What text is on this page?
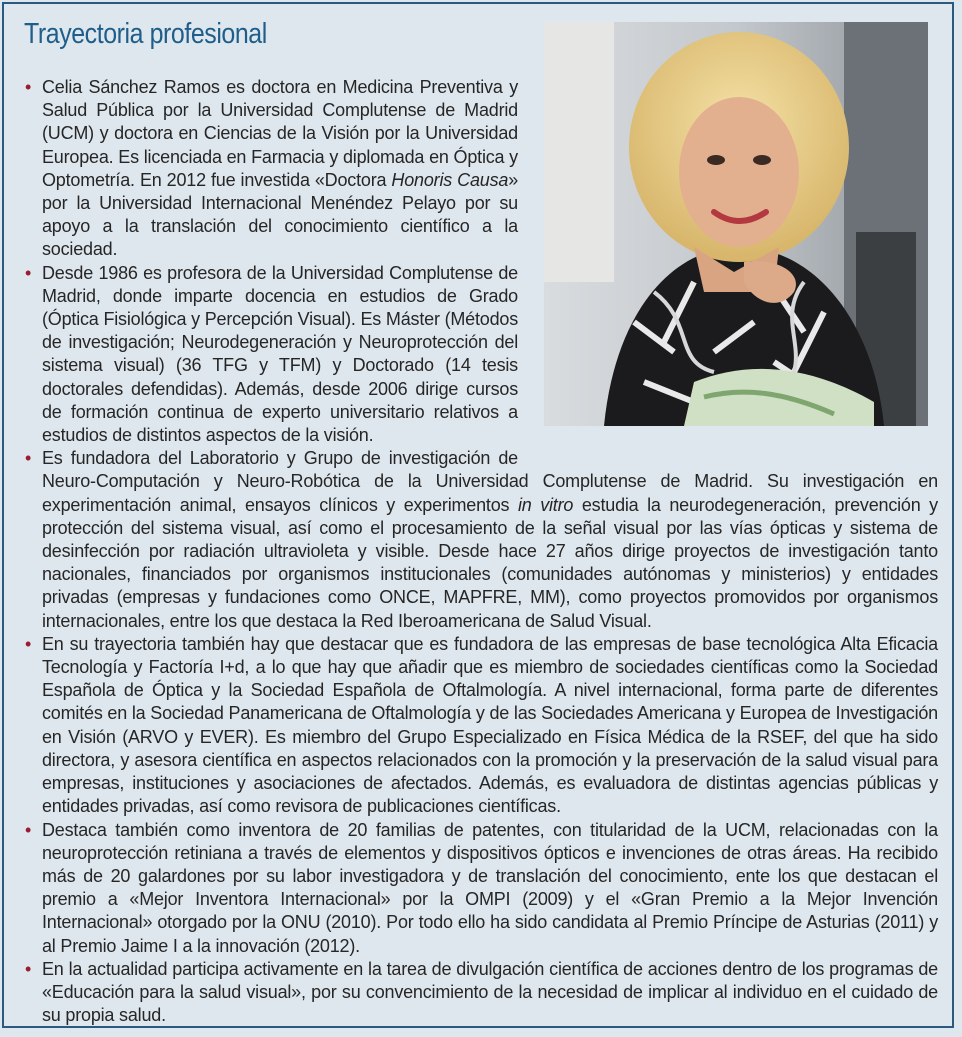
Trayectoria profesional
• Celia Sánchez Ramos es doctora en Medicina Preventiva y Salud Pública por la Universidad Complutense de Madrid (UCM) y doctora en Ciencias de la Visión por la Universidad Europea. Es licenciada en Farmacia y diplomada en Óptica y Optometría. En 2012 fue investida «Doctora Honoris Causa» por la Universidad Internacional Menéndez Pelayo por su apoyo a la translación del conocimiento científico a la sociedad.

• Desde 1986 es profesora de la Universidad Complutense de Madrid, donde imparte docencia en estudios de Grado (Óptica Fisiológica y Percepción Visual). Es Máster (Métodos de investigación; Neurodegeneración y Neuroprotección del sistema visual) (36 TFG y TFM) y Doctorado (14 tesis doctorales defendidas). Además, desde 2006 dirige cursos de formación continua de experto universitario relativos a estudios de distintos aspectos de la visión.

• Es fundadora del Laboratorio y Grupo de investigación de Neuro-Computación y Neuro-Robótica de la Universidad Complutense de Madrid. Su investigación en experimentación animal, ensayos clínicos y experimentos in vitro estudia la neurodegeneración, prevención y protección del sistema visual, así como el procesamiento de la señal visual por las vías ópticas y sistema de desinfección por radiación ultravioleta y visible. Desde hace 27 años dirige proyectos de investigación tanto nacionales, financiados por organismos institucionales (comunidades autónomas y ministerios) y entidades privadas (empresas y fundaciones como ONCE, MAPFRE, MM), como proyectos promovidos por organismos internacionales, entre los que destaca la Red Iberoamericana de Salud Visual.

• En su trayectoria también hay que destacar que es fundadora de las empresas de base tecnológica Alta Eficacia Tecnología y Factoría I+d, a lo que hay que añadir que es miembro de sociedades científicas como la Sociedad Española de Óptica y la Sociedad Española de Oftalmología. A nivel internacional, forma parte de diferentes comités en la Sociedad Panamericana de Oftalmología y de las Sociedades Americana y Europea de Investigación en Visión (ARVO y EVER). Es miembro del Grupo Especializado en Física Médica de la RSEF, del que ha sido directora, y asesora científica en aspectos relacionados con la promoción y la preservación de la salud visual para empresas, instituciones y asociaciones de afectados. Además, es evaluadora de distintas agencias públicas y entidades privadas, así como revisora de publicaciones científicas.

• Destaca también como inventora de 20 familias de patentes, con titularidad de la UCM, relacionadas con la neuroprotección retiniana a través de elementos y dispositivos ópticos e invenciones de otras áreas. Ha recibido más de 20 galardones por su labor investigadora y de translación del conocimiento, ente los que destacan el premio a «Mejor Inventora Internacional» por la OMPI (2009) y el «Gran Premio a la Mejor Invención Internacional» otorgado por la ONU (2010). Por todo ello ha sido candidata al Premio Príncipe de Asturias (2011) y al Premio Jaime I a la innovación (2012).

• En la actualidad participa activamente en la tarea de divulgación científica de acciones dentro de los programas de «Educación para la salud visual», por su convencimiento de la necesidad de implicar al individuo en el cuidado de su propia salud.
